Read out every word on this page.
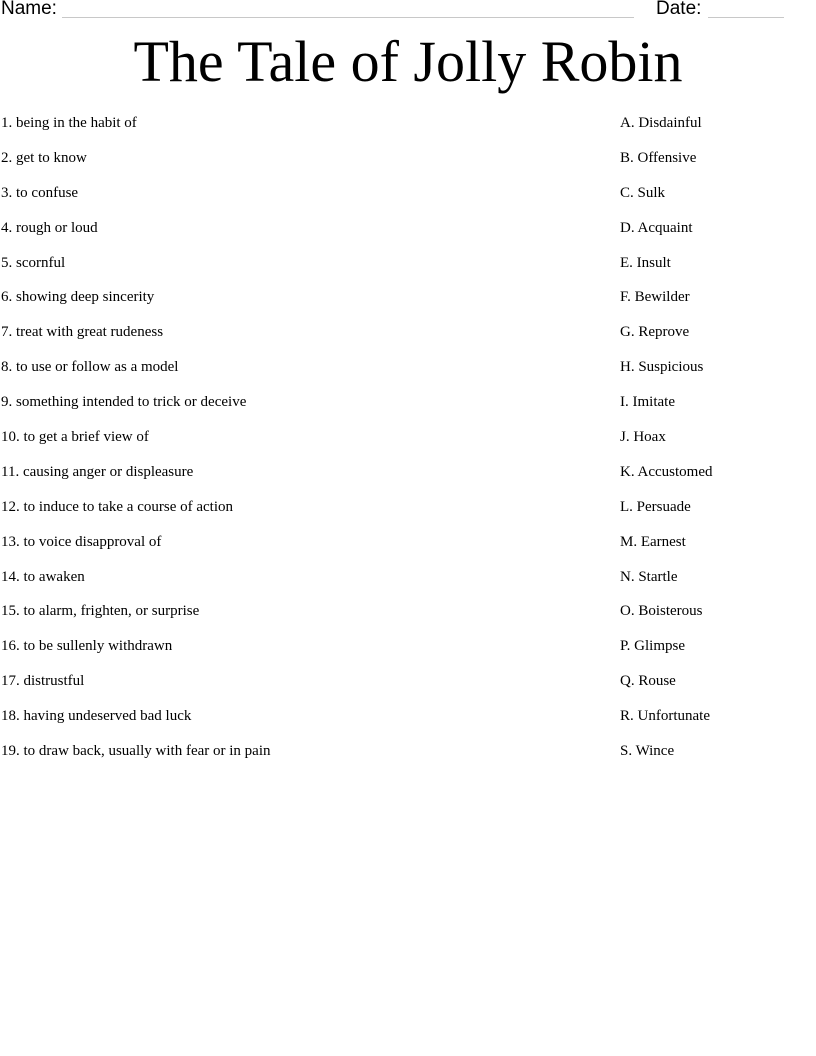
Name:	Date:
The Tale of Jolly Robin
1. being in the habit of
2. get to know
3. to confuse
4. rough or loud
5. scornful
6. showing deep sincerity
7. treat with great rudeness
8. to use or follow as a model
9. something intended to trick or deceive
10. to get a brief view of
11. causing anger or displeasure
12. to induce to take a course of action
13. to voice disapproval of
14. to awaken
15. to alarm, frighten, or surprise
16. to be sullenly withdrawn
17. distrustful
18. having undeserved bad luck
19. to draw back, usually with fear or in pain
A. Disdainful
B. Offensive
C. Sulk
D. Acquaint
E. Insult
F. Bewilder
G. Reprove
H. Suspicious
I. Imitate
J. Hoax
K. Accustomed
L. Persuade
M. Earnest
N. Startle
O. Boisterous
P. Glimpse
Q. Rouse
R. Unfortunate
S. Wince
